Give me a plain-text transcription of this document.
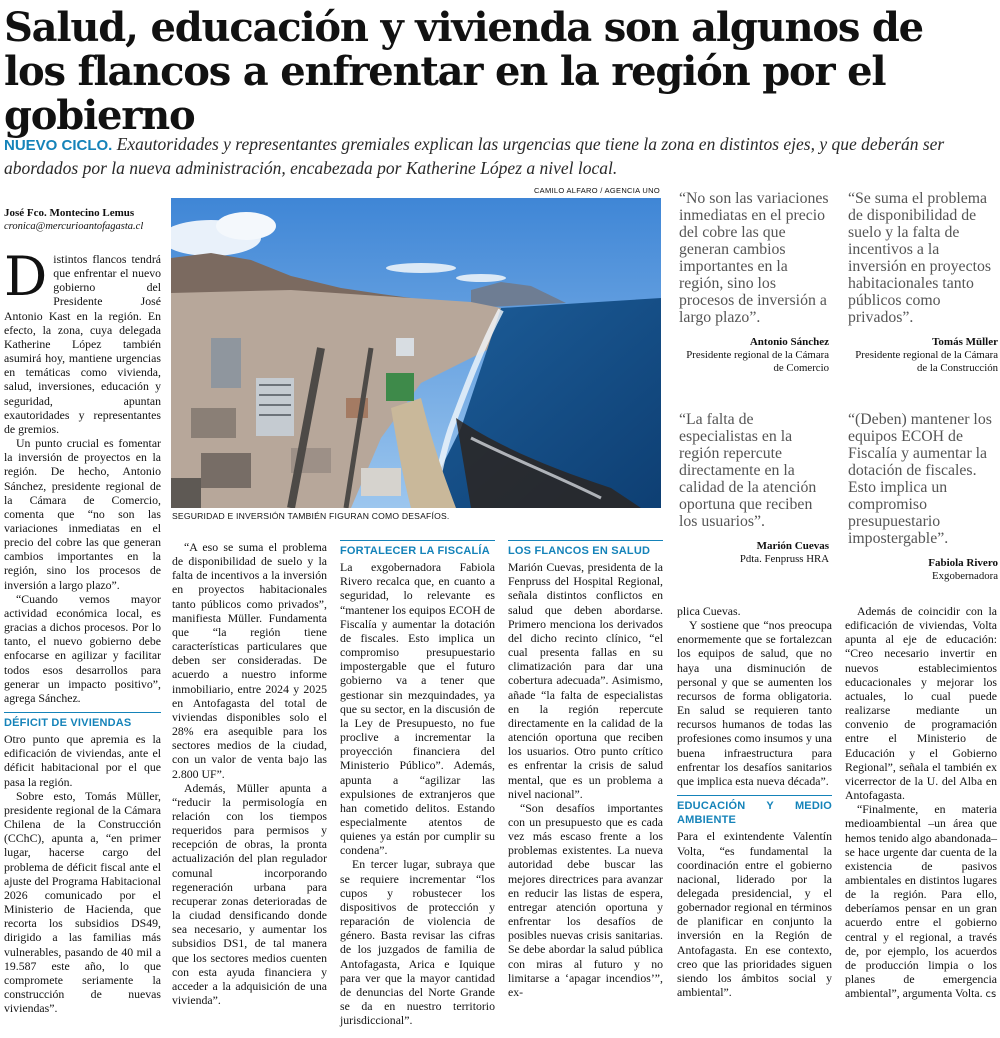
Salud, educación y vivienda son algunos de los flancos a enfrentar en la región por el gobierno

NUEVO CICLO. Exautoridades y representantes gremiales explican las urgencias que tiene la zona en distintos ejes, y que deberán ser abordados por la nueva administración, encabezada por Katherine López a nivel local.

CAMILO ALFARO / AGENCIA UNO
SEGURIDAD E INVERSIÓN TAMBIÉN FIGURAN COMO DESAFÍOS.
José Fco. Montecino Lemus
cronica@mercurioantofagasta.cl

Distintos flancos tendrá que enfrentar el nuevo gobierno del Presidente José Antonio Kast en la región. En efecto, la zona, cuya delegada Katherine López también asumirá hoy, mantiene urgencias en temáticas como vivienda, salud, inversiones, educación y seguridad, apuntan exautoridades y representantes de gremios.

Un punto crucial es fomentar la inversión de proyectos en la región. De hecho, Antonio Sánchez, presidente regional de la Cámara de Comercio, comenta que “no son las variaciones inmediatas en el precio del cobre las que generan cambios importantes en la región, sino los procesos de inversión a largo plazo”.

“Cuando vemos mayor actividad económica local, es gracias a dichos procesos. Por lo tanto, el nuevo gobierno debe enfocarse en agilizar y facilitar todos esos desarrollos para generar un impacto positivo”, agrega Sánchez.

DÉFICIT DE VIVIENDAS

Otro punto que apremia es la edificación de viviendas, ante el déficit habitacional por el que pasa la región.

Sobre esto, Tomás Müller, presidente regional de la Cámara Chilena de la Construcción (CChC), apunta a, “en primer lugar, hacerse cargo del problema de déficit fiscal ante el ajuste del Programa Habitacional 2026 comunicado por el Ministerio de Hacienda, que recorta los subsidios DS49, dirigido a las familias más vulnerables, pasando de 40 mil a 19.587 este año, lo que compromete seriamente la construcción de nuevas viviendas”.

“A eso se suma el problema de disponibilidad de suelo y la falta de incentivos a la inversión en proyectos habitacionales tanto públicos como privados”, manifiesta Müller. Fundamenta que “la región tiene características particulares que deben ser consideradas. De acuerdo a nuestro informe inmobiliario, entre 2024 y 2025 en Antofagasta del total de viviendas disponibles solo el 28% era asequible para los sectores medios de la ciudad, con un valor de venta bajo las 2.800 UF”.

Además, Müller apunta a “reducir la permisología en relación con los tiempos requeridos para permisos y recepción de obras, la pronta actualización del plan regulador comunal incorporando regeneración urbana para recuperar zonas deterioradas de la ciudad densificando donde sea necesario, y aumentar los subsidios DS1, de tal manera que los sectores medios cuenten con esta ayuda financiera y acceder a la adquisición de una vivienda”.

FORTALECER LA FISCALÍA

La exgobernadora Fabiola Rivero recalca que, en cuanto a seguridad, lo relevante es “mantener los equipos ECOH de Fiscalía y aumentar la dotación de fiscales. Esto implica un compromiso presupuestario impostergable que el futuro gobierno va a tener que gestionar sin mezquindades, ya que su sector, en la discusión de la Ley de Presupuesto, no fue proclive a incrementar la proyección financiera del Ministerio Público”. Además, apunta a “agilizar las expulsiones de extranjeros que han cometido delitos. Estando especialmente atentos de quienes ya están por cumplir su condena”.

En tercer lugar, subraya que se requiere incrementar “los cupos y robustecer los dispositivos de protección y reparación de violencia de género. Basta revisar las cifras de los juzgados de familia de Antofagasta, Arica e Iquique para ver que la mayor cantidad de denuncias del Norte Grande se da en nuestro territorio jurisdiccional”.

LOS FLANCOS EN SALUD

Marión Cuevas, presidenta de la Fenpruss del Hospital Regional, señala distintos conflictos en salud que deben abordarse. Primero menciona los derivados del dicho recinto clínico, “el cual presenta fallas en su climatización para dar una cobertura adecuada”. Asimismo, añade “la falta de especialistas en la región repercute directamente en la calidad de la atención oportuna que reciben los usuarios. Otro punto crítico es enfrentar la crisis de salud mental, que es un problema a nivel nacional”.

“Son desafíos importantes con un presupuesto que es cada vez más escaso frente a los problemas existentes. La nueva autoridad debe buscar las mejores directrices para avanzar en reducir las listas de espera, entregar atención oportuna y enfrentar los desafíos de posibles nuevas crisis sanitarias. Se debe abordar la salud pública con miras al futuro y no limitarse a ‘apagar incendios’”, ex-

plica Cuevas.

Y sostiene que “nos preocupa enormemente que se fortalezcan los equipos de salud, que no haya una disminución de personal y que se aumenten los recursos de forma obligatoria. En salud se requieren tanto recursos humanos de todas las profesiones como insumos y una buena infraestructura para enfrentar los desafíos sanitarios que implica esta nueva década”.

EDUCACIÓN Y MEDIO AMBIENTE

Para el exintendente Valentín Volta, “es fundamental la coordinación entre el gobierno nacional, liderado por la delegada presidencial, y el gobernador regional en términos de planificar en conjunto la inversión en la Región de Antofagasta. En ese contexto, creo que las prioridades siguen siendo los ámbitos social y ambiental”.

Además de coincidir con la edificación de viviendas, Volta apunta al eje de educación: “Creo necesario invertir en nuevos establecimientos educacionales y mejorar los actuales, lo cual puede realizarse mediante un convenio de programación entre el Ministerio de Educación y el Gobierno Regional”, señala el también ex vicerrector de la U. del Alba en Antofagasta.

“Finalmente, en materia medioambiental –un área que hemos tenido algo abandonada– se hace urgente dar cuenta de la existencia de pasivos ambientales en distintos lugares de la región. Para ello, deberíamos pensar en un gran acuerdo entre el gobierno central y el regional, a través de, por ejemplo, los acuerdos de producción limpia o los planes de emergencia ambiental”, argumenta Volta. cs

“No son las variaciones inmediatas en el precio del cobre las que generan cambios importantes en la región, sino los procesos de inversión a largo plazo”.
Antonio Sánchez
Presidente regional de la Cámara de Comercio
“Se suma el problema de disponibilidad de suelo y la falta de incentivos a la inversión en proyectos habitacionales tanto públicos como privados”.
Tomás Müller
Presidente regional de la Cámara de la Construcción
“La falta de especialistas en la región repercute directamente en la calidad de la atención oportuna que reciben los usuarios”.
Marión Cuevas
Pdta. Fenpruss HRA
“(Deben) mantener los equipos ECOH de Fiscalía y aumentar la dotación de fiscales. Esto implica un compromiso presupuestario impostergable”.
Fabiola Rivero
Exgobernadora
